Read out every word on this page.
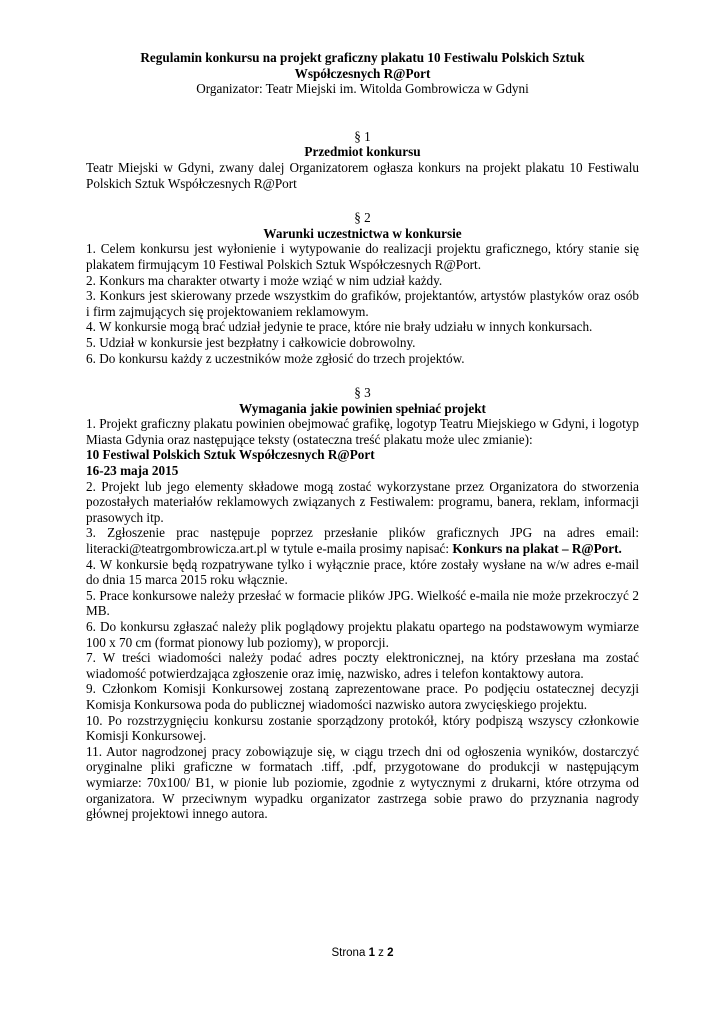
Regulamin konkursu na projekt graficzny plakatu 10 Festiwalu Polskich Sztuk
Współczesnych R@Port

Organizator: Teatr Miejski im. Witolda Gombrowicza w Gdyni

§ 1

Przedmiot konkursu

Teatr Miejski w Gdyni, zwany dalej Organizatorem ogłasza konkurs na projekt plakatu 10 Festiwalu Polskich Sztuk Współczesnych R@Port

§ 2

Warunki uczestnictwa w konkursie

1. Celem konkursu jest wyłonienie i wytypowanie do realizacji projektu graficznego, który stanie się plakatem firmującym 10 Festiwal Polskich Sztuk Współczesnych R@Port.

2. Konkurs ma charakter otwarty i może wziąć w nim udział każdy.

3. Konkurs jest skierowany przede wszystkim do grafików, projektantów, artystów plastyków oraz osób i firm zajmujących się projektowaniem reklamowym.

4. W konkursie mogą brać udział jedynie te prace, które nie brały udziału w innych konkursach.

5. Udział w konkursie jest bezpłatny i całkowicie dobrowolny.

6. Do konkursu każdy z uczestników może zgłosić do trzech projektów.

§ 3

Wymagania jakie powinien spełniać projekt

1. Projekt graficzny plakatu powinien obejmować grafikę, logotyp Teatru Miejskiego w Gdyni, i logotyp Miasta Gdynia oraz następujące teksty (ostateczna treść plakatu może ulec zmianie):

10 Festiwal Polskich Sztuk Współczesnych R@Port

16-23 maja 2015

2. Projekt lub jego elementy składowe mogą zostać wykorzystane przez Organizatora do stworzenia pozostałych materiałów reklamowych związanych z Festiwalem: programu, banera, reklam, informacji prasowych itp.

3. Zgłoszenie prac następuje poprzez przesłanie plików graficznych JPG na adres email: literacki@teatrgombrowicza.art.pl w tytule e-maila prosimy napisać: Konkurs na plakat – R@Port.

4. W konkursie będą rozpatrywane tylko i wyłącznie prace, które zostały wysłane na w/w adres e-mail do dnia 15 marca 2015 roku włącznie.

5. Prace konkursowe należy przesłać w formacie plików JPG. Wielkość e-maila nie może przekroczyć 2 MB.

6. Do konkursu zgłaszać należy plik poglądowy projektu plakatu opartego na podstawowym wymiarze 100 x 70 cm (format pionowy lub poziomy), w proporcji.

7. W treści wiadomości należy podać adres poczty elektronicznej, na który przesłana ma zostać wiadomość potwierdzająca zgłoszenie oraz imię, nazwisko, adres i telefon kontaktowy autora.

9. Członkom Komisji Konkursowej zostaną zaprezentowane prace. Po podjęciu ostatecznej decyzji Komisja Konkursowa poda do publicznej wiadomości nazwisko autora zwycięskiego projektu.

10. Po rozstrzygnięciu konkursu zostanie sporządzony protokół, który podpiszą wszyscy członkowie Komisji Konkursowej.

11. Autor nagrodzonej pracy zobowiązuje się, w ciągu trzech dni od ogłoszenia wyników, dostarczyć oryginalne pliki graficzne w formatach .tiff, .pdf, przygotowane do produkcji w następującym wymiarze: 70x100/ B1, w pionie lub poziomie, zgodnie z wytycznymi z drukarni, które otrzyma od organizatora. W przeciwnym wypadku organizator zastrzega sobie prawo do przyznania nagrody głównej projektowi innego autora.

Strona 1 z 2
